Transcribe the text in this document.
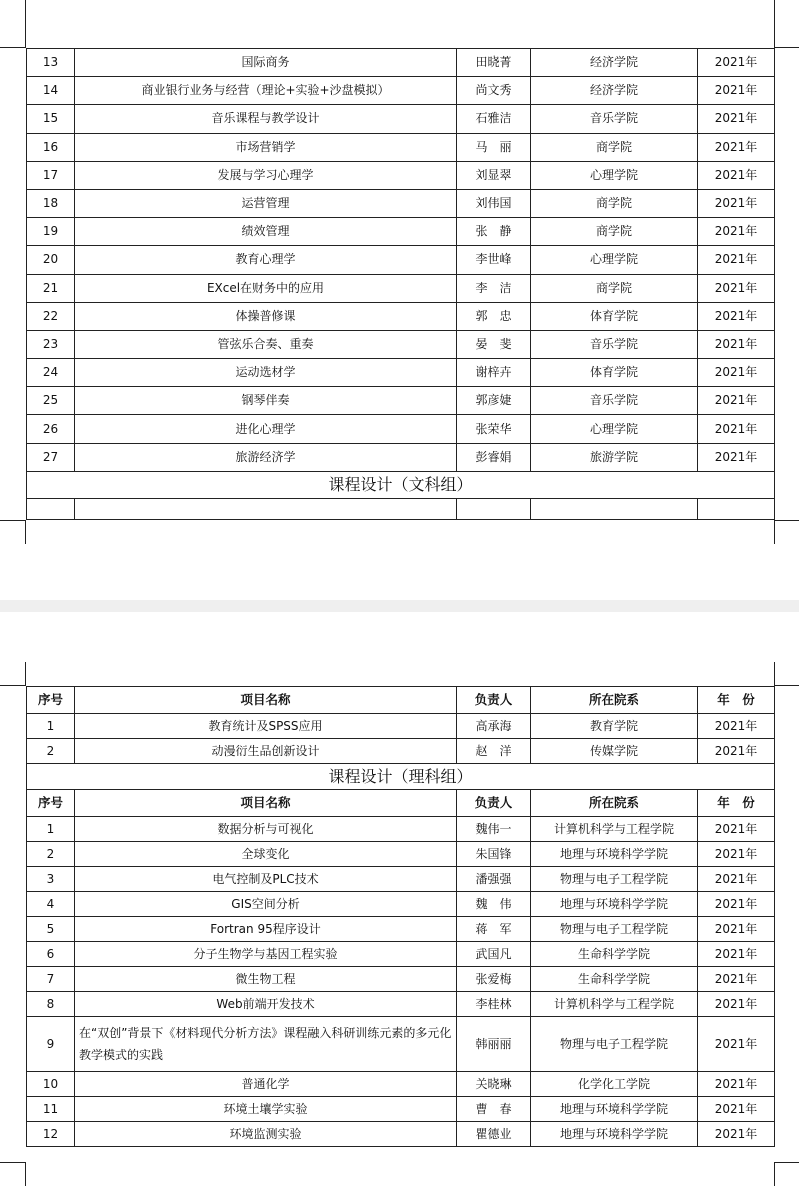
13	国际商务	田晓菁	经济学院	2021年
14	商业银行业务与经营（理论+实验+沙盘模拟）	尚文秀	经济学院	2021年
15	音乐课程与教学设计	石雅洁	音乐学院	2021年
16	市场营销学	马　丽	商学院	2021年
17	发展与学习心理学	刘显翠	心理学院	2021年
18	运营管理	刘伟国	商学院	2021年
19	绩效管理	张　静	商学院	2021年
20	教育心理学	李世峰	心理学院	2021年
21	EXcel在财务中的应用	李　洁	商学院	2021年
22	体操普修课	郭　忠	体育学院	2021年
23	管弦乐合奏、重奏	晏　斐	音乐学院	2021年
24	运动选材学	谢梓卉	体育学院	2021年
25	钢琴伴奏	郭彦婕	音乐学院	2021年
26	进化心理学	张荣华	心理学院	2021年
27	旅游经济学	彭睿娟	旅游学院	2021年
课程设计（文科组）				

序号	项目名称	负责人	所在院系	年　份
1	教育统计及SPSS应用	高承海	教育学院	2021年
2	动漫衍生品创新设计	赵　洋	传媒学院	2021年
课程设计（理科组）				
序号	项目名称	负责人	所在院系	年　份
1	数据分析与可视化	魏伟一	计算机科学与工程学院	2021年
2	全球变化	朱国锋	地理与环境科学学院	2021年
3	电气控制及PLC技术	潘强强	物理与电子工程学院	2021年
4	GIS空间分析	魏　伟	地理与环境科学学院	2021年
5	Fortran 95程序设计	蒋　军	物理与电子工程学院	2021年
6	分子生物学与基因工程实验	武国凡	生命科学学院	2021年
7	微生物工程	张爱梅	生命科学学院	2021年
8	Web前端开发技术	李桂林	计算机科学与工程学院	2021年
9	在“双创”背景下《材料现代分析方法》课程融入科研训练元素的多元化教学模式的实践	韩丽丽	物理与电子工程学院	2021年
10	普通化学	关晓琳	化学化工学院	2021年
11	环境土壤学实验	曹　春	地理与环境科学学院	2021年
12	环境监测实验	瞿德业	地理与环境科学学院	2021年
